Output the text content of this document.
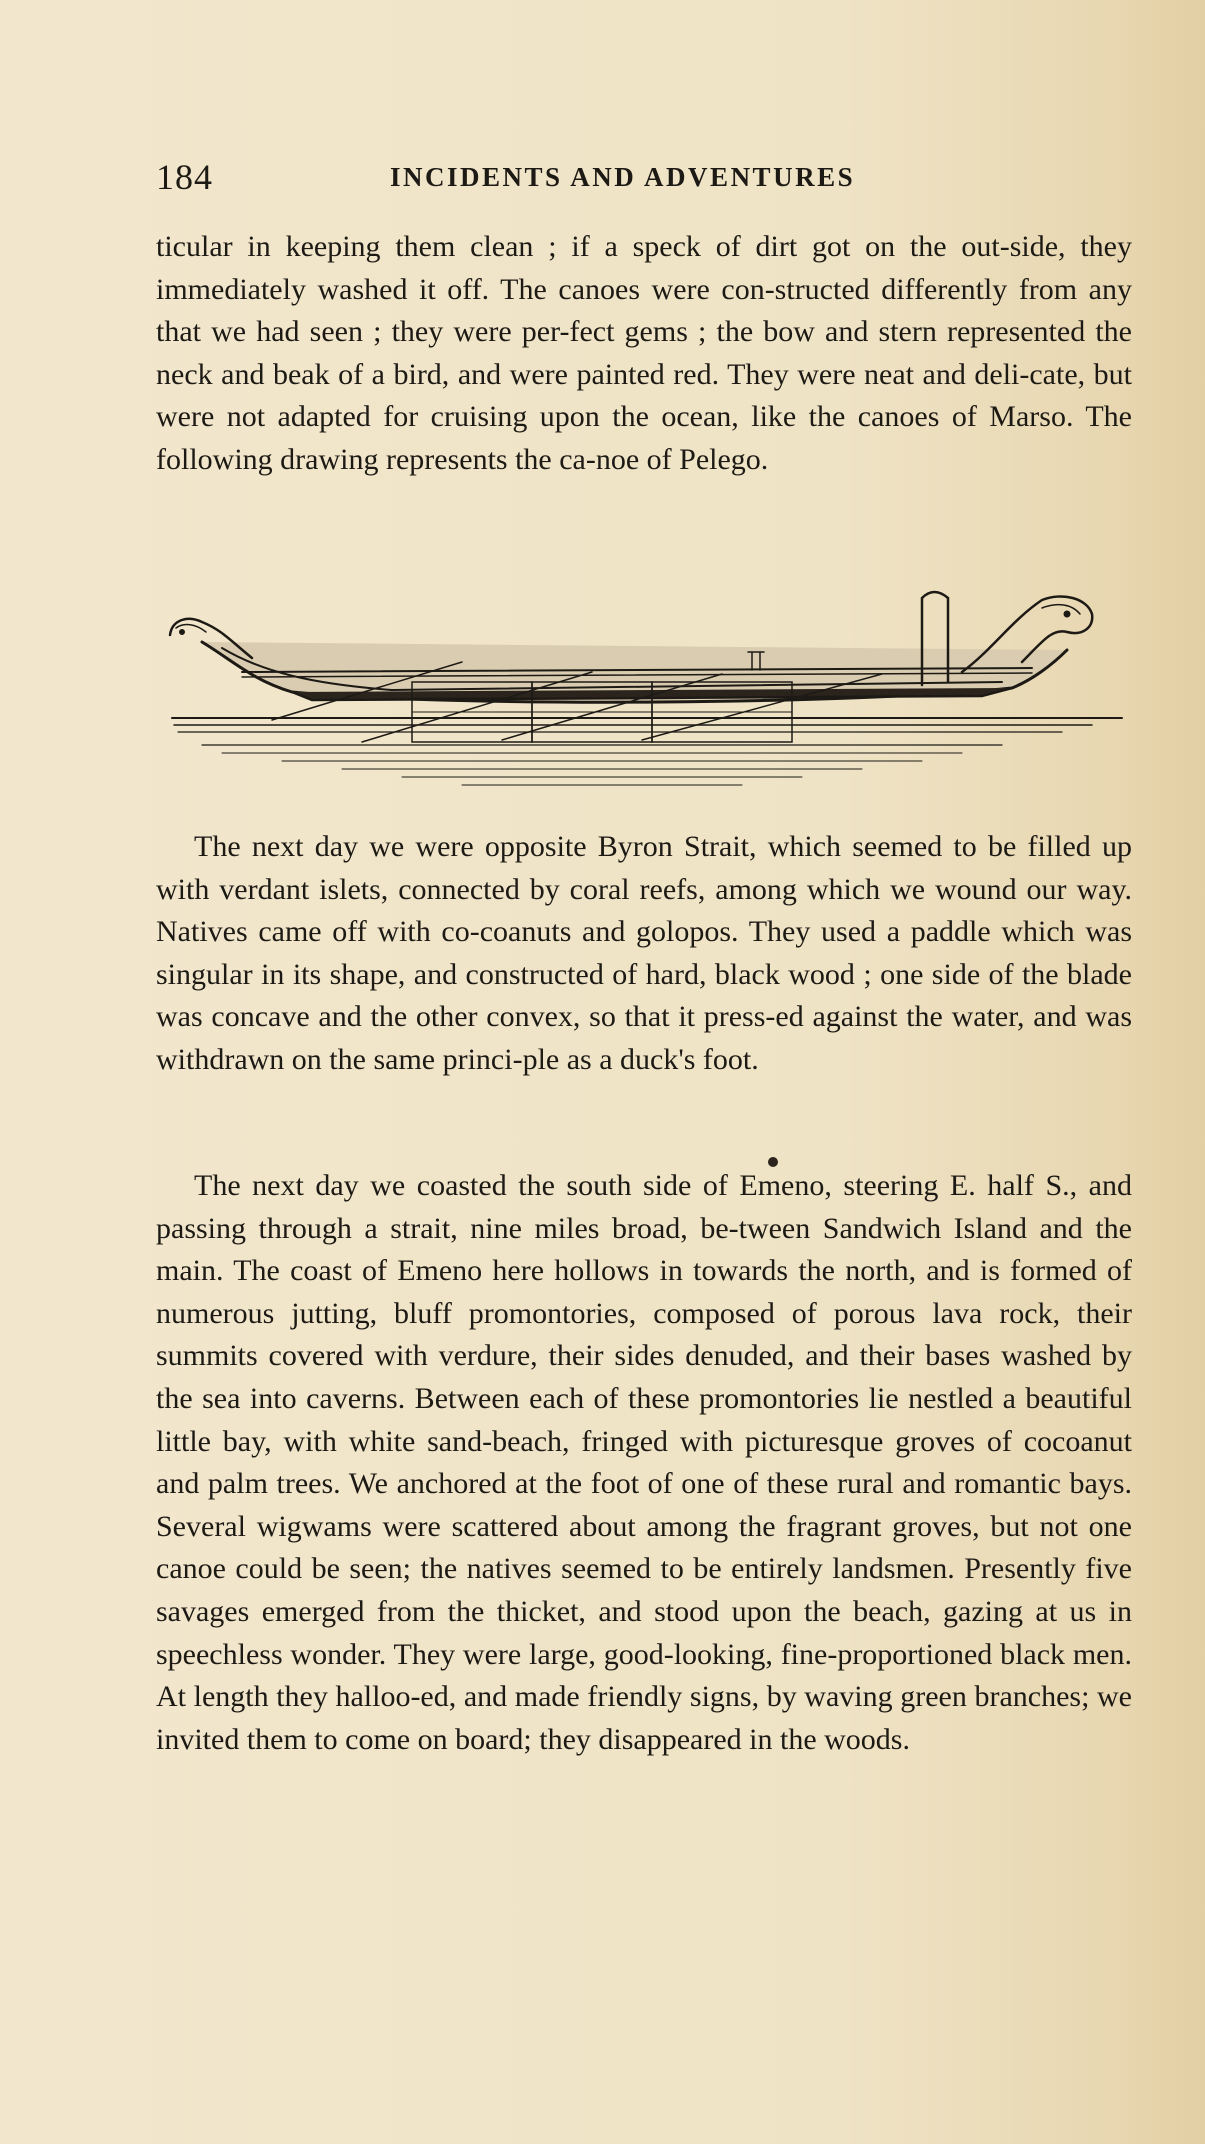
184	INCIDENTS AND ADVENTURES

ticular in keeping them clean ; if a speck of dirt got on the out-side, they immediately washed it off. The canoes were con-structed differently from any that we had seen ; they were per-fect gems ; the bow and stern represented the neck and beak of a bird, and were painted red. They were neat and deli-cate, but were not adapted for cruising upon the ocean, like the canoes of Marso. The following drawing represents the ca-noe of Pelego.

The next day we were opposite Byron Strait, which seemed to be filled up with verdant islets, connected by coral reefs, among which we wound our way. Natives came off with co-coanuts and golopos. They used a paddle which was singular in its shape, and constructed of hard, black wood ; one side of the blade was concave and the other convex, so that it press-ed against the water, and was withdrawn on the same princi-ple as a duck's foot.

The next day we coasted the south side of Emeno, steering E. half S., and passing through a strait, nine miles broad, be-tween Sandwich Island and the main. The coast of Emeno here hollows in towards the north, and is formed of numerous jutting, bluff promontories, composed of porous lava rock, their summits covered with verdure, their sides denuded, and their bases washed by the sea into caverns. Between each of these promontories lie nestled a beautiful little bay, with white sand-beach, fringed with picturesque groves of cocoanut and palm trees. We anchored at the foot of one of these rural and romantic bays. Several wigwams were scattered about among the fragrant groves, but not one canoe could be seen; the natives seemed to be entirely landsmen. Presently five savages emerged from the thicket, and stood upon the beach, gazing at us in speechless wonder. They were large, good-looking, fine-proportioned black men. At length they halloo-ed, and made friendly signs, by waving green branches; we invited them to come on board; they disappeared in the woods.
